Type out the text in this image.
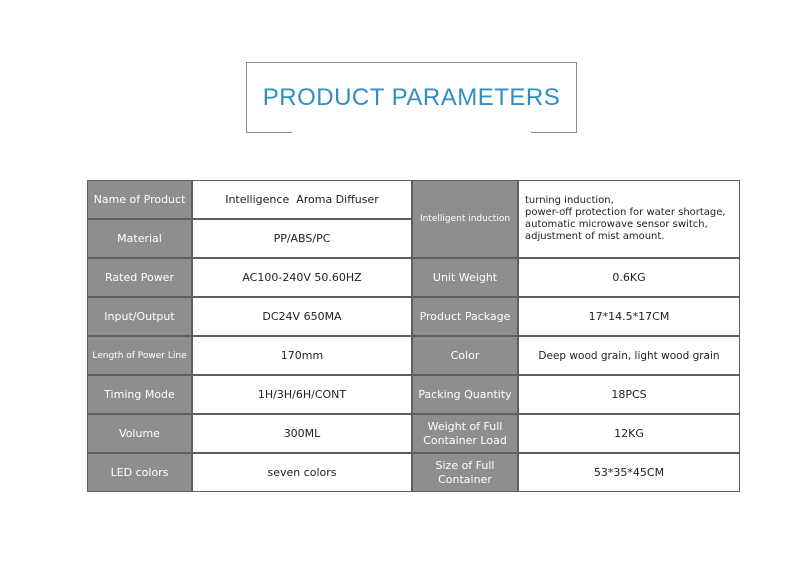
PRODUCT PARAMETERS
Name of Product
Material
Rated Power
Input/Output
Length of Power Line
Timing Mode
Volume
LED colors
Intelligence  Aroma Diffuser
PP/ABS/PC
AC100-240V 50.60HZ
DC24V 650MA
170mm
1H/3H/6H/CONT
300ML
seven colors
Intelligent induction
Unit Weight
Product Package
Color
Packing Quantity
Weight of Full
Container Load
Size of Full
Container
turning induction,
power-off protection for water shortage,
automatic microwave sensor switch,
adjustment of mist amount.
0.6KG
17*14.5*17CM
Deep wood grain, light wood grain
18PCS
12KG
53*35*45CM
